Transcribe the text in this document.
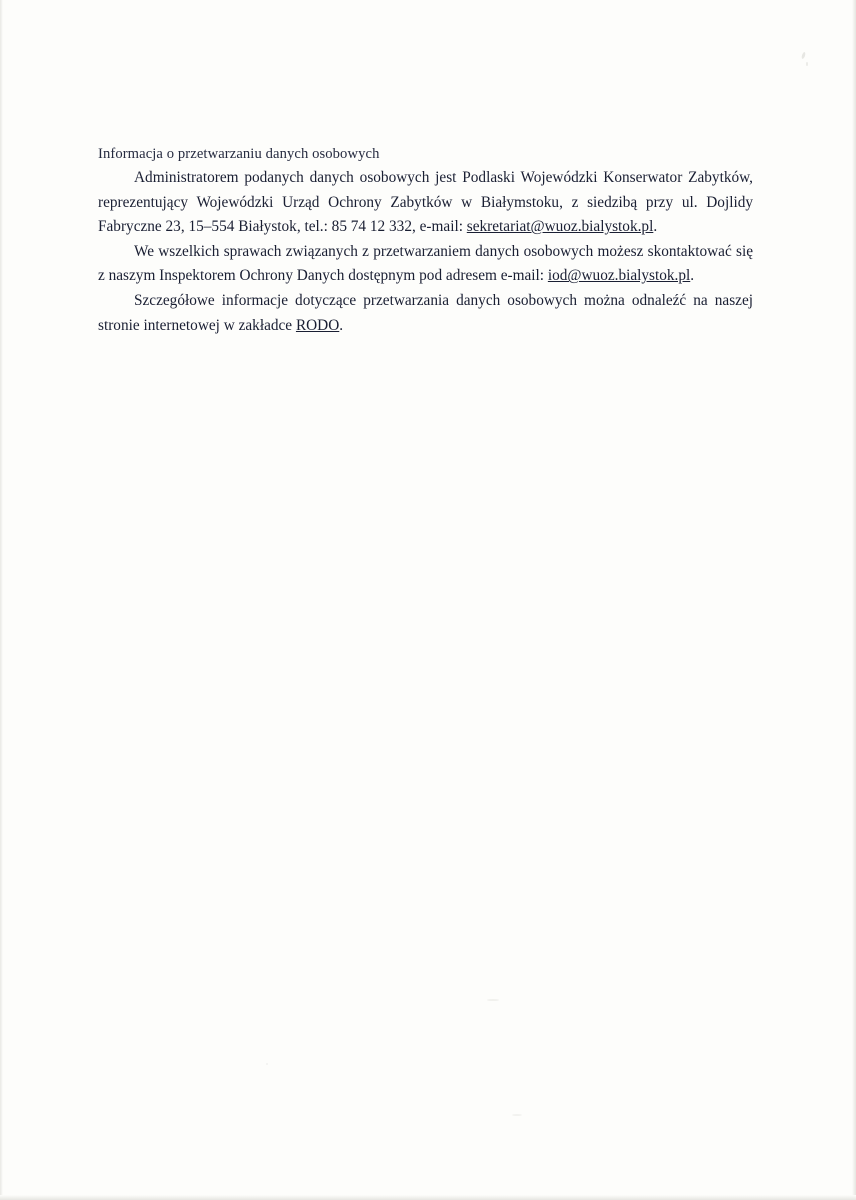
Informacja o przetwarzaniu danych osobowych

Administratorem podanych danych osobowych jest Podlaski Wojewódzki Konserwator Zabytków, reprezentujący Wojewódzki Urząd Ochrony Zabytków w Białymstoku, z siedzibą przy ul. Dojlidy Fabryczne 23, 15–554 Białystok, tel.: 85 74 12 332, e-mail: sekretariat@wuoz.bialystok.pl.

We wszelkich sprawach związanych z przetwarzaniem danych osobowych możesz skontaktować się z naszym Inspektorem Ochrony Danych dostępnym pod adresem e-mail: iod@wuoz.bialystok.pl.

Szczegółowe informacje dotyczące przetwarzania danych osobowych można odnaleźć na naszej stronie internetowej w zakładce RODO.
